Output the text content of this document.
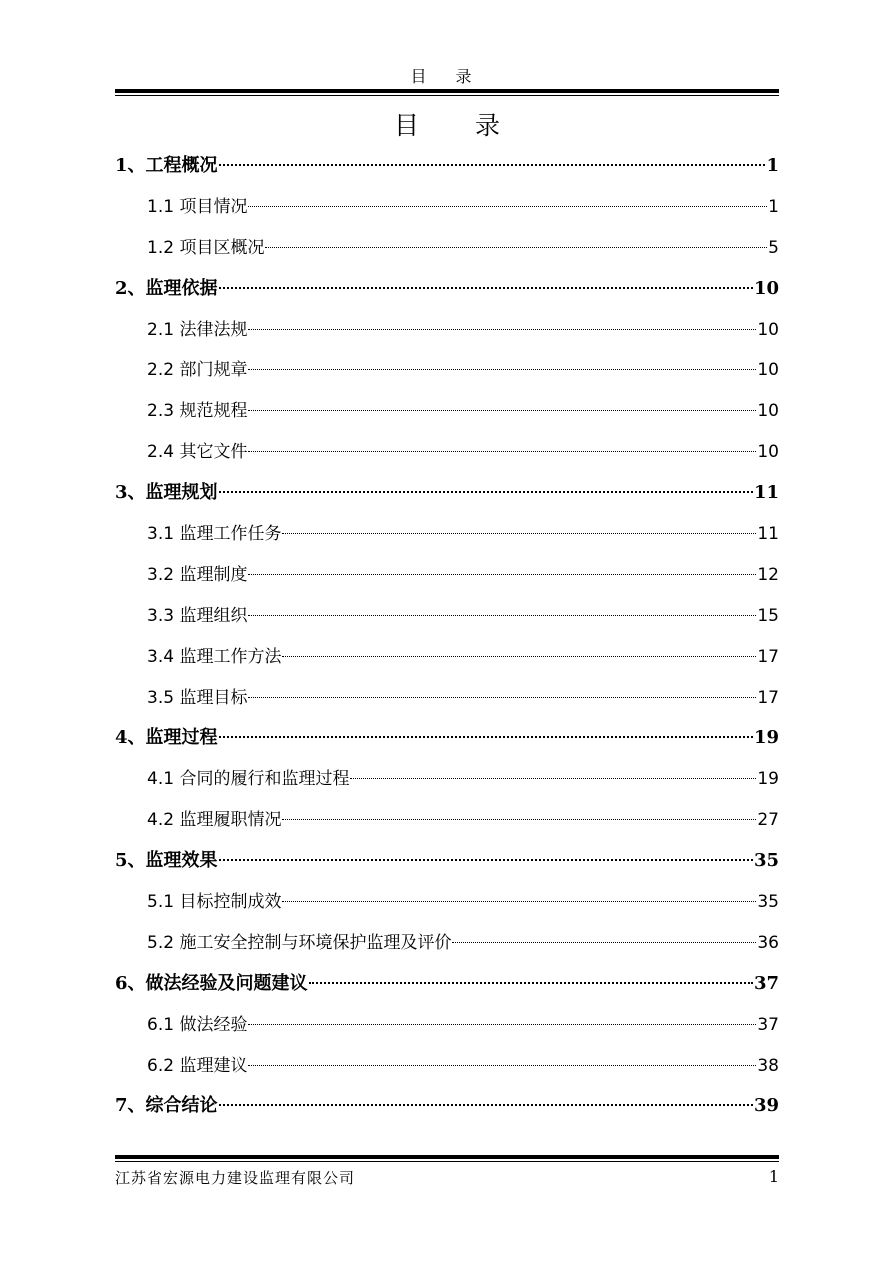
目 录
目 录
1、工程概况	1
1.1 项目情况	1
1.2 项目区概况	5
2、监理依据	10
2.1 法律法规	10
2.2 部门规章	10
2.3 规范规程	10
2.4 其它文件	10
3、监理规划	11
3.1 监理工作任务	11
3.2 监理制度	12
3.3 监理组织	15
3.4 监理工作方法	17
3.5 监理目标	17
4、监理过程	19
4.1 合同的履行和监理过程	19
4.2 监理履职情况	27
5、监理效果	35
5.1 目标控制成效	35
5.2 施工安全控制与环境保护监理及评价	36
6、做法经验及问题建议	37
6.1 做法经验	37
6.2 监理建议	38
7、综合结论	39
江苏省宏源电力建设监理有限公司	1
